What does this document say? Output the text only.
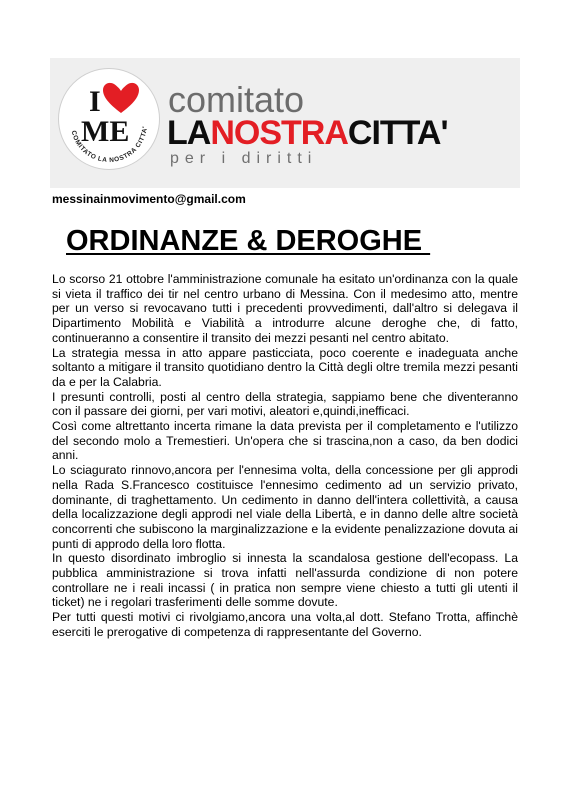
I
ME
COMITATO LA NOSTRA CITTA'
comitato
LANOSTRACITTA'
per i diritti
messinainmovimento@gmail.com
ORDINANZE & DEROGHE

Lo scorso 21 ottobre l'amministrazione comunale ha esitato un'ordinanza con la quale si vieta il traffico dei tir nel centro urbano di Messina. Con il medesimo atto, mentre per un verso si revocavano tutti i precedenti provvedimenti, dall'altro si delegava il Dipartimento Mobilità e Viabilità a introdurre alcune deroghe che, di fatto, continueranno a consentire il transito dei mezzi pesanti nel centro abitato.

La strategia messa in atto appare pasticciata, poco coerente e inadeguata anche soltanto a mitigare il transito quotidiano dentro la Città degli oltre tremila mezzi pesanti da e per la Calabria.

I presunti controlli, posti al centro della strategia, sappiamo bene che diventeranno con il passare dei giorni, per vari motivi, aleatori e,quindi,inefficaci.

Così come altrettanto incerta rimane la data prevista per il completamento e l'utilizzo del secondo molo a Tremestieri. Un'opera che si trascina,non a caso, da ben dodici anni.

Lo sciagurato rinnovo,ancora per l'ennesima volta, della concessione per gli approdi nella Rada S.Francesco costituisce l'ennesimo cedimento ad un servizio privato, dominante, di traghettamento. Un cedimento in danno dell'intera collettività, a causa della localizzazione degli approdi nel viale della Libertà, e in danno delle altre società concorrenti che subiscono la marginalizzazione e la evidente penalizzazione dovuta ai punti di approdo della loro flotta.

In questo disordinato imbroglio si innesta la scandalosa gestione dell'ecopass. La pubblica amministrazione si trova infatti nell'assurda condizione di non potere controllare ne i reali incassi ( in pratica non sempre viene chiesto a tutti gli utenti il ticket) ne i regolari trasferimenti delle somme dovute.

Per tutti questi motivi ci rivolgiamo,ancora una volta,al dott. Stefano Trotta, affinchè eserciti le prerogative di competenza di rappresentante del Governo.
